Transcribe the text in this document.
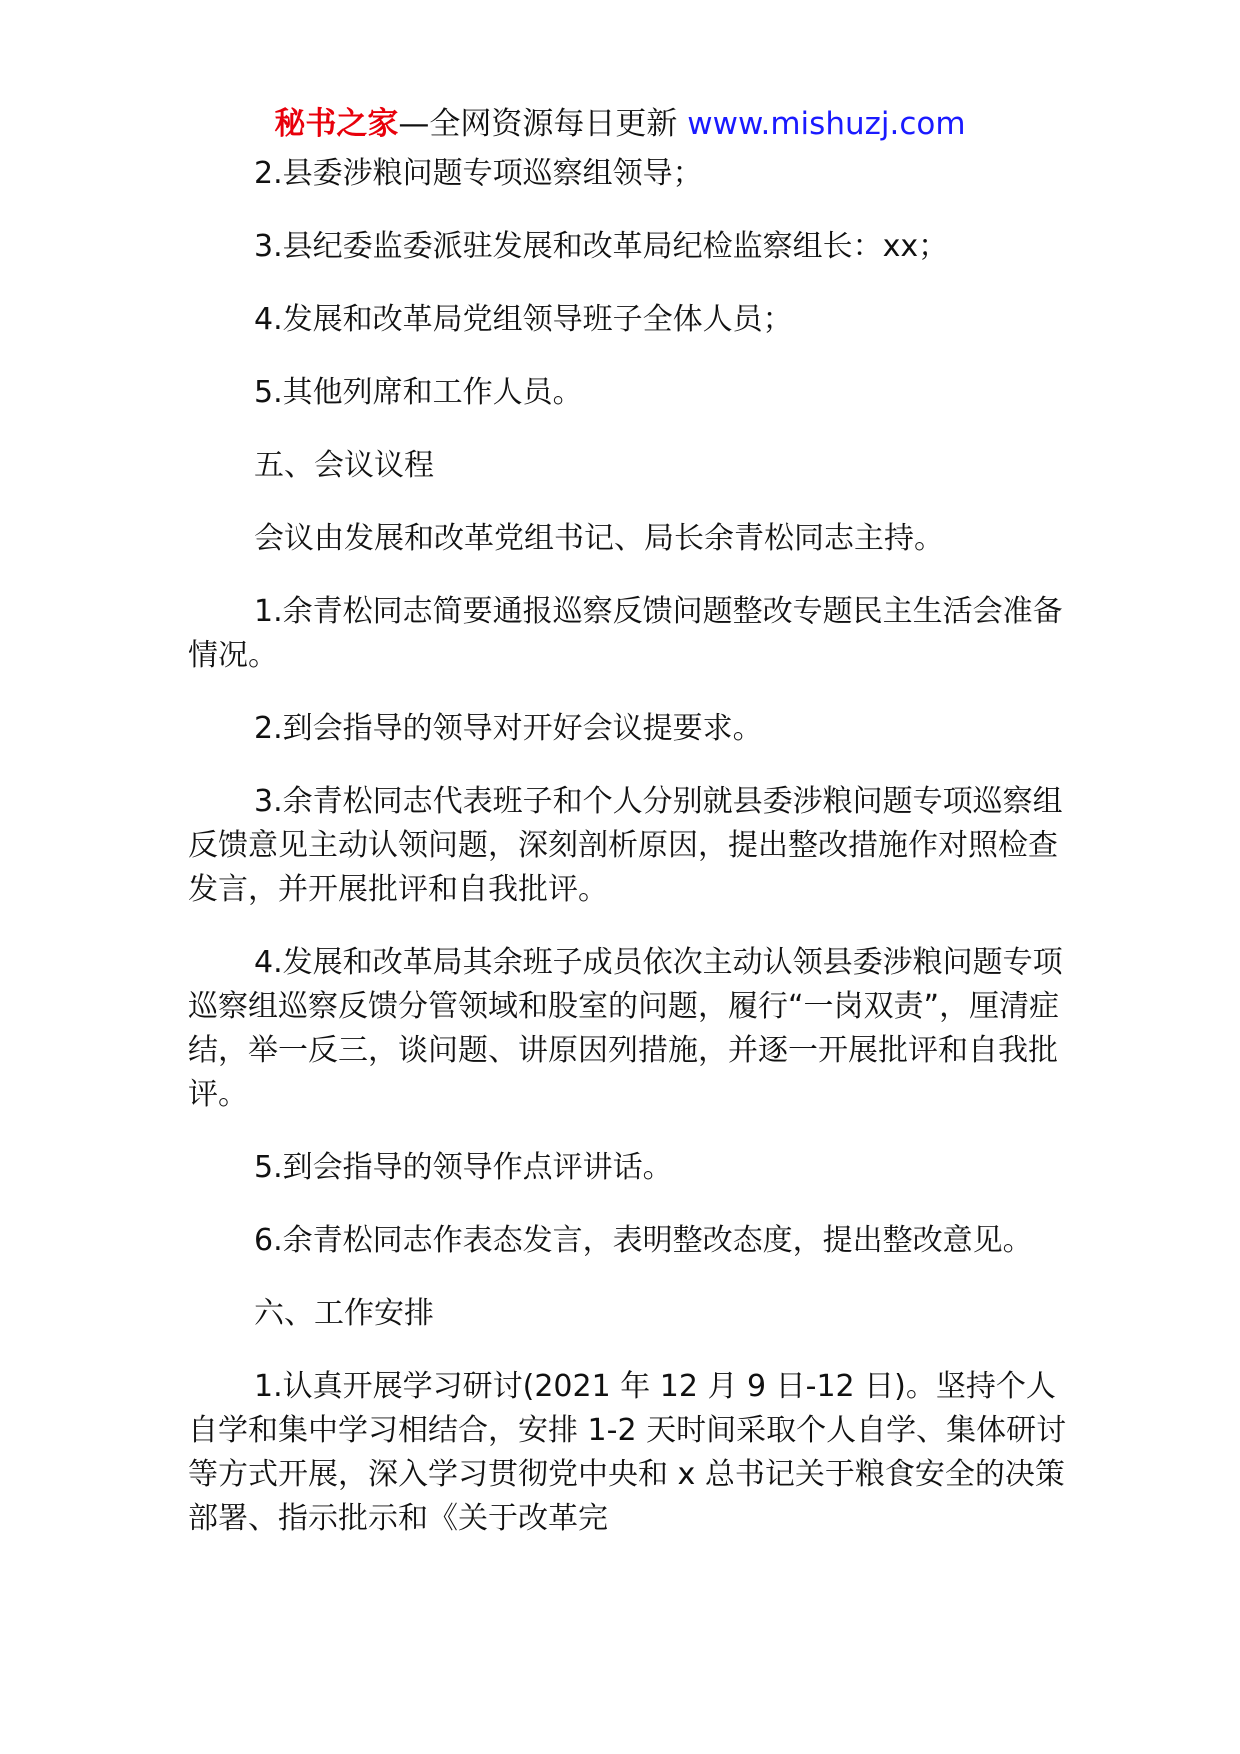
秘书之家—全网资源每日更新 www.mishuzj.com

2.县委涉粮问题专项巡察组领导；

3.县纪委监委派驻发展和改革局纪检监察组长：xx；

4.发展和改革局党组领导班子全体人员；

5.其他列席和工作人员。

五、会议议程

会议由发展和改革党组书记、局长余青松同志主持。

1.余青松同志简要通报巡察反馈问题整改专题民主生活会准备情况。

2.到会指导的领导对开好会议提要求。

3.余青松同志代表班子和个人分别就县委涉粮问题专项巡察组反馈意见主动认领问题，深刻剖析原因，提出整改措施作对照检查发言，并开展批评和自我批评。

4.发展和改革局其余班子成员依次主动认领县委涉粮问题专项巡察组巡察反馈分管领域和股室的问题，履行“一岗双责”，厘清症结，举一反三，谈问题、讲原因列措施，并逐一开展批评和自我批评。

5.到会指导的领导作点评讲话。

6.余青松同志作表态发言，表明整改态度，提出整改意见。

六、工作安排

1.认真开展学习研讨(2021 年 12 月 9 日-12 日)。坚持个人自学和集中学习相结合，安排 1-2 天时间采取个人自学、集体研讨等方式开展，深入学习贯彻党中央和 x 总书记关于粮食安全的决策部署、指示批示和《关于改革完
